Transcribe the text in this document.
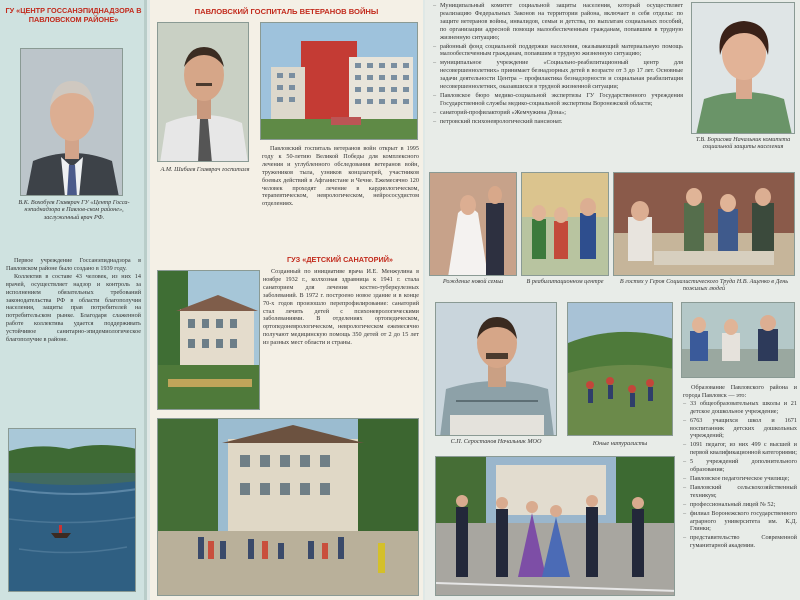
ГУ «ЦЕНТР ГОССАНЭПИДНАДЗОРА В ПАВЛОВСКОМ РАЙОНЕ»
В.К. Вохобуев Главврач ГУ «Центр Госса-нэпиднадзора в Павлов-ском районе», заслуженный врач РФ.

Первое учреждение Госсанэпиднадзора в Павловском районе было создано в 1939 году.

Коллектив в составе 43 человек, из них 14 врачей, осуществляет надзор и контроль за исполнением обязательных требований законодательства РФ в области благополучия населения, защиты прав потребителей на потребительском рынке. Благодаря слаженной работе коллектива удается поддерживать устойчивое санитарно-эпидемиологическое благополучие в районе.

ПАВЛОВСКИЙ ГОСПИТАЛЬ ВЕТЕРАНОВ ВОЙНЫ
А.М. Шибаев Главврач госпиталя

Павловский госпиталь ветеранов войн открыт в 1995 году к 50-летию Великой Победы для комплексного лечения и углубленного обследования ветеранов войн, тружеников тыла, узников концлагерей, участников боевых действий в Афганистане и Чечне. Ежемесячно 120 человек проходят лечение в кардиологическом, терапевтическом, неврологическом, нейрососудистом отделениях.

ГУЗ «ДЕТСКИЙ САНАТОРИЙ»

Созданный по инициативе врача И.Е. Менжулина в ноябре 1932 г., колхозная здравница к 1941 г. стала санаторием для лечения костно-туберкулезных заболеваний. В 1972 г. построено новое здание и в конце 70-х годов произошло перепрофилирование: санаторий стал лечить детей с психоневрологическими заболеваниями. В отделениях ортопедическом, ортопедоневрологическом, неврологическом ежемесячно получают медицинскую помощь 350 детей от 2 до 15 лет из разных мест области и страны.

– Муниципальный комитет социальной защиты населения, который осуществляет реализацию Федеральных Законов на территории района, включает в себя отделы: по защите ветеранов войны, инвалидов, семьи и детства, по выплатам социальных пособий, по организации адресной помощи малообеспеченным гражданам, попавшим в трудную жизненную ситуацию;
– районный фонд социальной поддержки населения, оказывающий материальную помощь малообеспеченным гражданам, попавшим в трудную жизненную ситуацию;
– муниципальное учреждение «Социально-реабилитационный центр для несовершеннолетних» принимает безнадзорных детей в возрасте от 3 до 17 лет. Основные задачи деятельности Центра – профилактика безнадзорности и социальная реабилитация несовершеннолетних, оказавшихся в трудной жизненной ситуации;
– Павловское бюро медико-социальной экспертизы ГУ Государственного учреждения Государственной службы медико-социальной экспертизы Воронежской области;
– санаторий-профилакторий «Жемчужина Дона»;
– петровский психоневрологический пансионат.
Т.В. Борисова Начальник комитета социальной защиты населения
Рождение новой семьи	В реабилитационном центре	В гостях у Героя Социалистического Труда Н.В. Ащенко в День пожилых людей
С.П. Серостанов Начальник МОО	Юные натуралисты

Образование Павловского района и города Павловск — это:

– 33 общеобразовательных школы и 21 детское дошкольное учреждение;
– 6763 учащихся школ и 1671 воспитанник детских дошкольных учреждений;
– 1091 педагог, из них 499 с высшей и первой квалификационной категориями;
– 5 учреждений дополнительного образования;
– Павловское педагогическое училище;
– Павловский сельскохозяйственный техникум;
– профессиональный лицей № 52;
– филиал Воронежского государственного аграрного университета им. К.Д. Глинки;
– представительство Современной гуманитарной академии.
